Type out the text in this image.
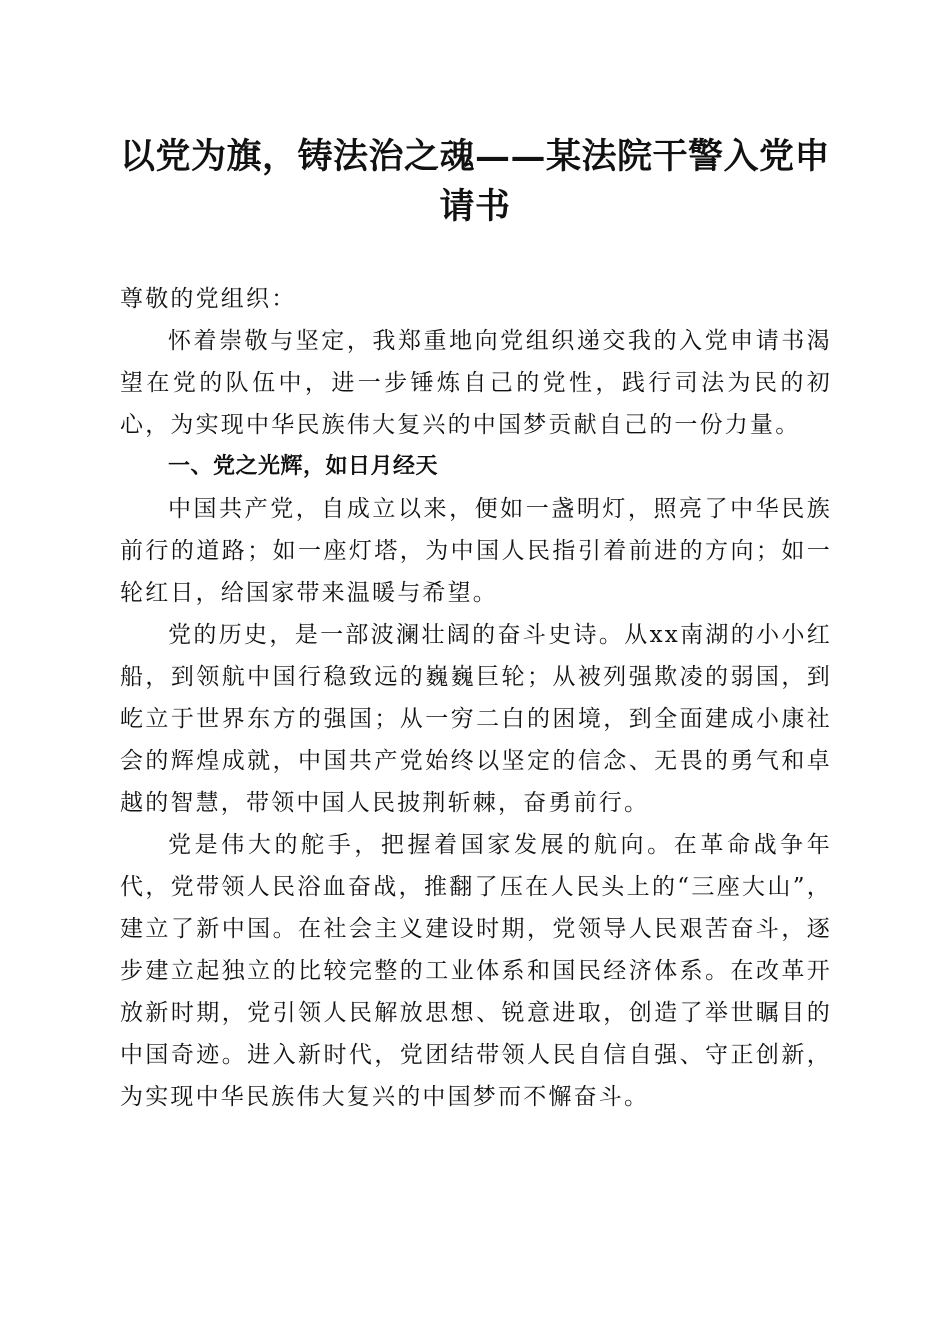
以党为旗，铸法治之魂——某法院干警入党申请书

尊敬的党组织：

怀着崇敬与坚定，我郑重地向党组织递交我的入党申请书渴望在党的队伍中，进一步锤炼自己的党性，践行司法为民的初心，为实现中华民族伟大复兴的中国梦贡献自己的一份力量。

一、党之光辉，如日月经天

中国共产党，自成立以来，便如一盏明灯，照亮了中华民族前行的道路；如一座灯塔，为中国人民指引着前进的方向；如一轮红日，给国家带来温暖与希望。

党的历史，是一部波澜壮阔的奋斗史诗。从xx南湖的小小红船，到领航中国行稳致远的巍巍巨轮；从被列强欺凌的弱国，到屹立于世界东方的强国；从一穷二白的困境，到全面建成小康社会的辉煌成就，中国共产党始终以坚定的信念、无畏的勇气和卓越的智慧，带领中国人民披荆斩棘，奋勇前行。

党是伟大的舵手，把握着国家发展的航向。在革命战争年代，党带领人民浴血奋战，推翻了压在人民头上的“三座大山”，建立了新中国。在社会主义建设时期，党领导人民艰苦奋斗，逐步建立起独立的比较完整的工业体系和国民经济体系。在改革开放新时期，党引领人民解放思想、锐意进取，创造了举世瞩目的中国奇迹。进入新时代，党团结带领人民自信自强、守正创新，为实现中华民族伟大复兴的中国梦而不懈奋斗。
